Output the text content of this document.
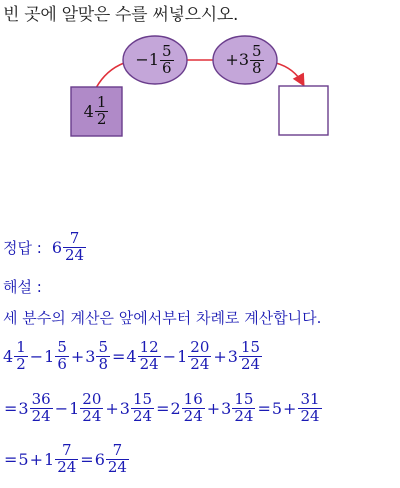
빈 곳에 알맞은 수를 써넣으시오.
$4 \frac{1}{2}$
− $1 \frac{5}{6}$	+ $3 \frac{5}{8}$
정답 : $6 \frac{7}{24}$
해설 :
세 분수의 계산은 앞에서부터 차례로 계산합니다.
$4 \frac{1}{2} - 1 \frac{5}{6} + 3 \frac{5}{8} = 4 \frac{12}{24} - 1 \frac{20}{24} + 3 \frac{15}{24}$
= $3 \frac{36}{24} - 1 \frac{20}{24} + 3 \frac{15}{24} = 2 \frac{16}{24} + 3 \frac{15}{24} = 5 + \frac{31}{24}$
= $5 + 1 \frac{7}{24} = 6 \frac{7}{24}$
